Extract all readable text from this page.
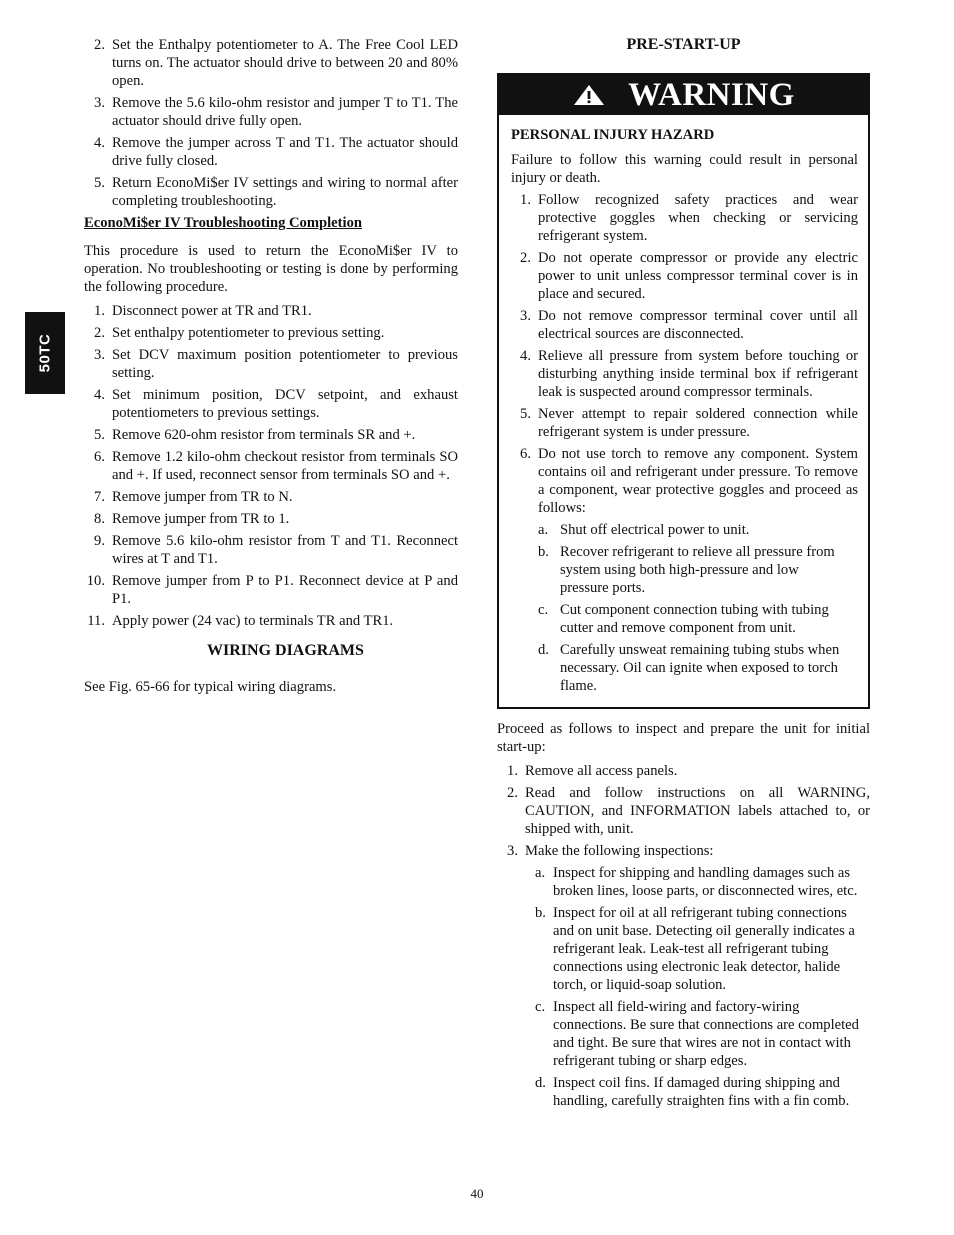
50TC
2. Set the Enthalpy potentiometer to A. The Free Cool LED turns on. The actuator should drive to between 20 and 80% open.
3. Remove the 5.6 kilo-ohm resistor and jumper T to T1. The actuator should drive fully open.
4. Remove the jumper across T and T1. The actuator should drive fully closed.
5. Return EconoMi$er IV settings and wiring to normal after completing troubleshooting.
EconoMi$er IV Troubleshooting Completion

This procedure is used to return the EconoMi$er IV to operation. No troubleshooting or testing is done by performing the following procedure.

1. Disconnect power at TR and TR1.
2. Set enthalpy potentiometer to previous setting.
3. Set DCV maximum position potentiometer to previous setting.
4. Set minimum position, DCV setpoint, and exhaust potentiometers to previous settings.
5. Remove 620-ohm resistor from terminals SR and +.
6. Remove 1.2 kilo-ohm checkout resistor from terminals SO and +. If used, reconnect sensor from terminals SO and +.
7. Remove jumper from TR to N.
8. Remove jumper from TR to 1.
9. Remove 5.6 kilo-ohm resistor from T and T1. Reconnect wires at T and T1.
10. Remove jumper from P to P1. Reconnect device at P and P1.
11. Apply power (24 vac) to terminals TR and TR1.
WIRING DIAGRAMS

See Fig. 65-66 for typical wiring diagrams.

PRE-START-UP
WARNING
PERSONAL INJURY HAZARD

Failure to follow this warning could result in personal injury or death.

1. Follow recognized safety practices and wear protective goggles when checking or servicing refrigerant system.
2. Do not operate compressor or provide any electric power to unit unless compressor terminal cover is in place and secured.
3. Do not remove compressor terminal cover until all electrical sources are disconnected.
4. Relieve all pressure from system before touching or disturbing anything inside terminal box if refrigerant leak is suspected around compressor terminals.
5. Never attempt to repair soldered connection while refrigerant system is under pressure.
6. Do not use torch to remove any component. System contains oil and refrigerant under pressure. To remove a component, wear protective goggles and proceed as follows:
a. Shut off electrical power to unit.
b. Recover refrigerant to relieve all pressure from system using both high-pressure and low pressure ports.
c. Cut component connection tubing with tubing cutter and remove component from unit.
d. Carefully unsweat remaining tubing stubs when necessary. Oil can ignite when exposed to torch flame.

Proceed as follows to inspect and prepare the unit for initial start-up:

1. Remove all access panels.
2. Read and follow instructions on all WARNING, CAUTION, and INFORMATION labels attached to, or shipped with, unit.
3. Make the following inspections:
a. Inspect for shipping and handling damages such as broken lines, loose parts, or disconnected wires, etc.
b. Inspect for oil at all refrigerant tubing connections and on unit base. Detecting oil generally indicates a refrigerant leak. Leak-test all refrigerant tubing connections using electronic leak detector, halide torch, or liquid-soap solution.
c. Inspect all field-wiring and factory-wiring connections. Be sure that connections are completed and tight. Be sure that wires are not in contact with refrigerant tubing or sharp edges.
d. Inspect coil fins. If damaged during shipping and handling, carefully straighten fins with a fin comb.
40
